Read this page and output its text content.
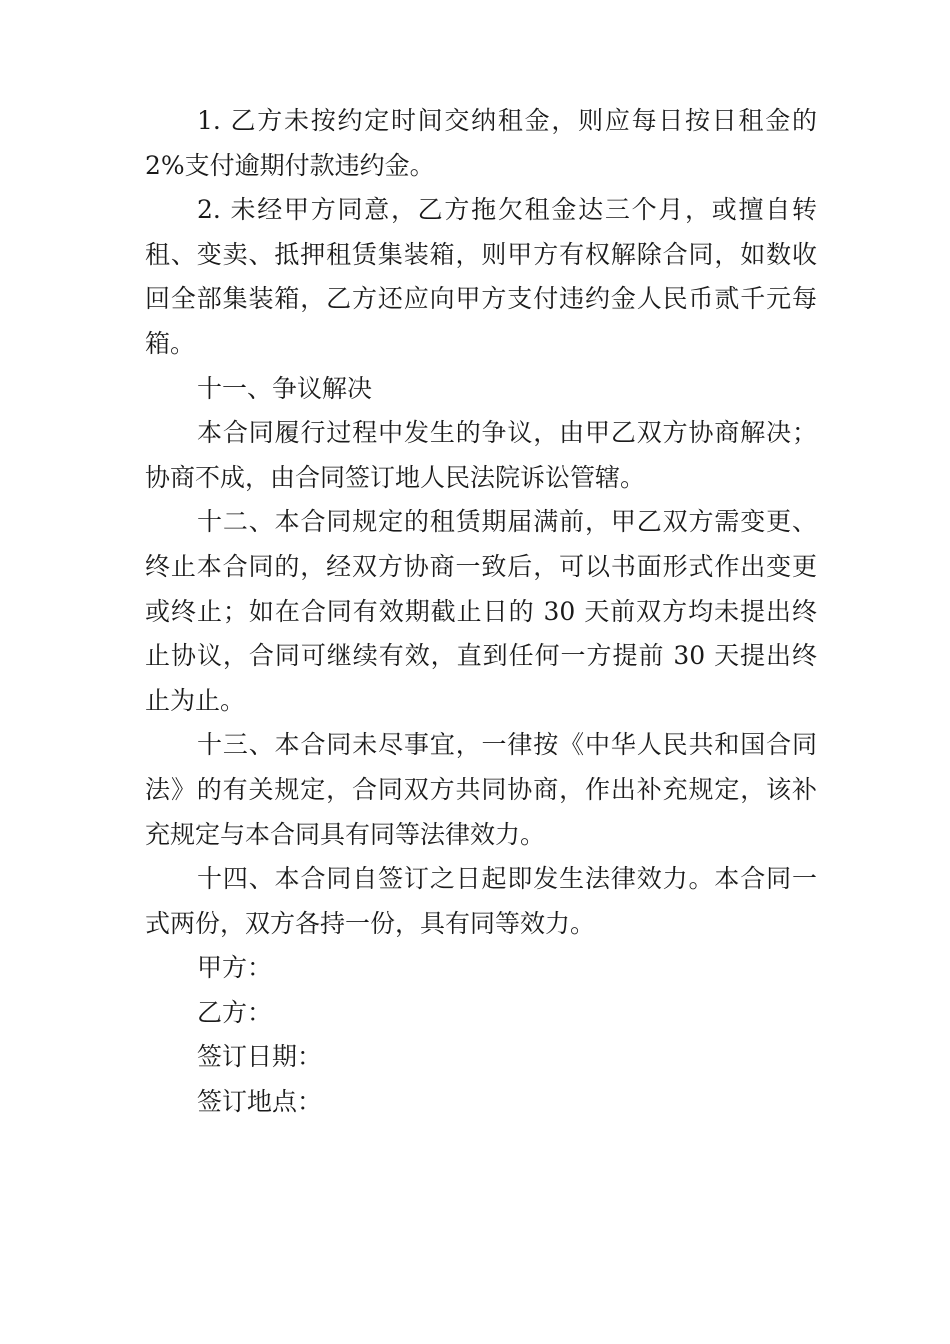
1. 乙方未按约定时间交纳租金，则应每日按日租金的2%支付逾期付款违约金。

2. 未经甲方同意，乙方拖欠租金达三个月，或擅自转租、变卖、抵押租赁集装箱，则甲方有权解除合同，如数收回全部集装箱，乙方还应向甲方支付违约金人民币贰千元每箱。

十一、争议解决

本合同履行过程中发生的争议，由甲乙双方协商解决；协商不成，由合同签订地人民法院诉讼管辖。

十二、本合同规定的租赁期届满前，甲乙双方需变更、终止本合同的，经双方协商一致后，可以书面形式作出变更或终止；如在合同有效期截止日的 30 天前双方均未提出终止协议，合同可继续有效，直到任何一方提前 30 天提出终止为止。

十三、本合同未尽事宜，一律按《中华人民共和国合同法》的有关规定，合同双方共同协商，作出补充规定，该补充规定与本合同具有同等法律效力。

十四、本合同自签订之日起即发生法律效力。本合同一式两份，双方各持一份，具有同等效力。

甲方：

乙方：

签订日期：

签订地点：
